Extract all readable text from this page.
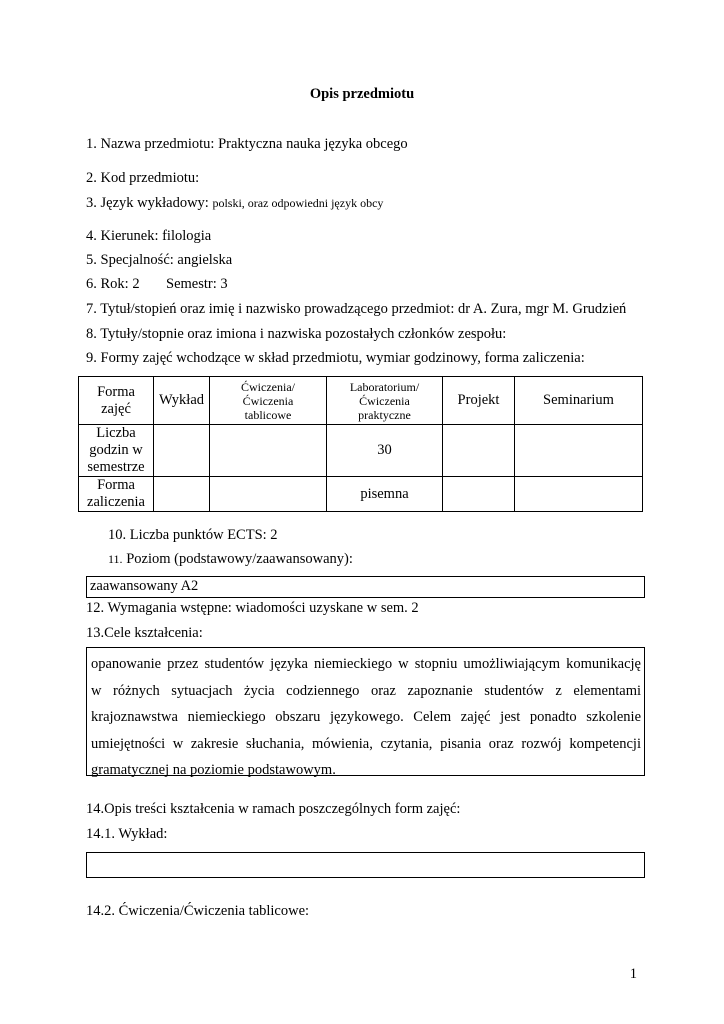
Opis przedmiotu
1. Nazwa przedmiotu: Praktyczna nauka języka obcego
2. Kod przedmiotu:
3. Język wykładowy: polski, oraz odpowiedni język obcy
4. Kierunek: filologia
5. Specjalność: angielska
6. Rok: 2 Semestr: 3
7. Tytuł/stopień oraz imię i nazwisko prowadzącego przedmiot: dr A. Zura, mgr M. Grudzień
8. Tytuły/stopnie oraz imiona i nazwiska pozostałych członków zespołu:
9. Formy zajęć wchodzące w skład przedmiotu, wymiar godzinowy, forma zaliczenia:
Forma
zajęć	Wykład	Ćwiczenia/
Ćwiczenia
tablicowe	Laboratorium/
Ćwiczenia
praktyczne	Projekt	Seminarium
Liczba
godzin w
semestrze			30		
Forma
zaliczenia			pisemna		
10. Liczba punktów ECTS: 2
11. Poziom (podstawowy/zaawansowany):
zaawansowany A2
12. Wymagania wstępne: wiadomości uzyskane w sem. 2
13.Cele kształcenia:
opanowanie przez studentów języka niemieckiego w stopniu umożliwiającym komunikację
w różnych sytuacjach życia codziennego oraz zapoznanie studentów z elementami
krajoznawstwa niemieckiego obszaru językowego. Celem zajęć jest ponadto szkolenie
umiejętności w zakresie słuchania, mówienia, czytania, pisania oraz rozwój kompetencji
gramatycznej na poziomie podstawowym.
14.Opis treści kształcenia w ramach poszczególnych form zajęć:
14.1. Wykład:
14.2. Ćwiczenia/Ćwiczenia tablicowe:
1
